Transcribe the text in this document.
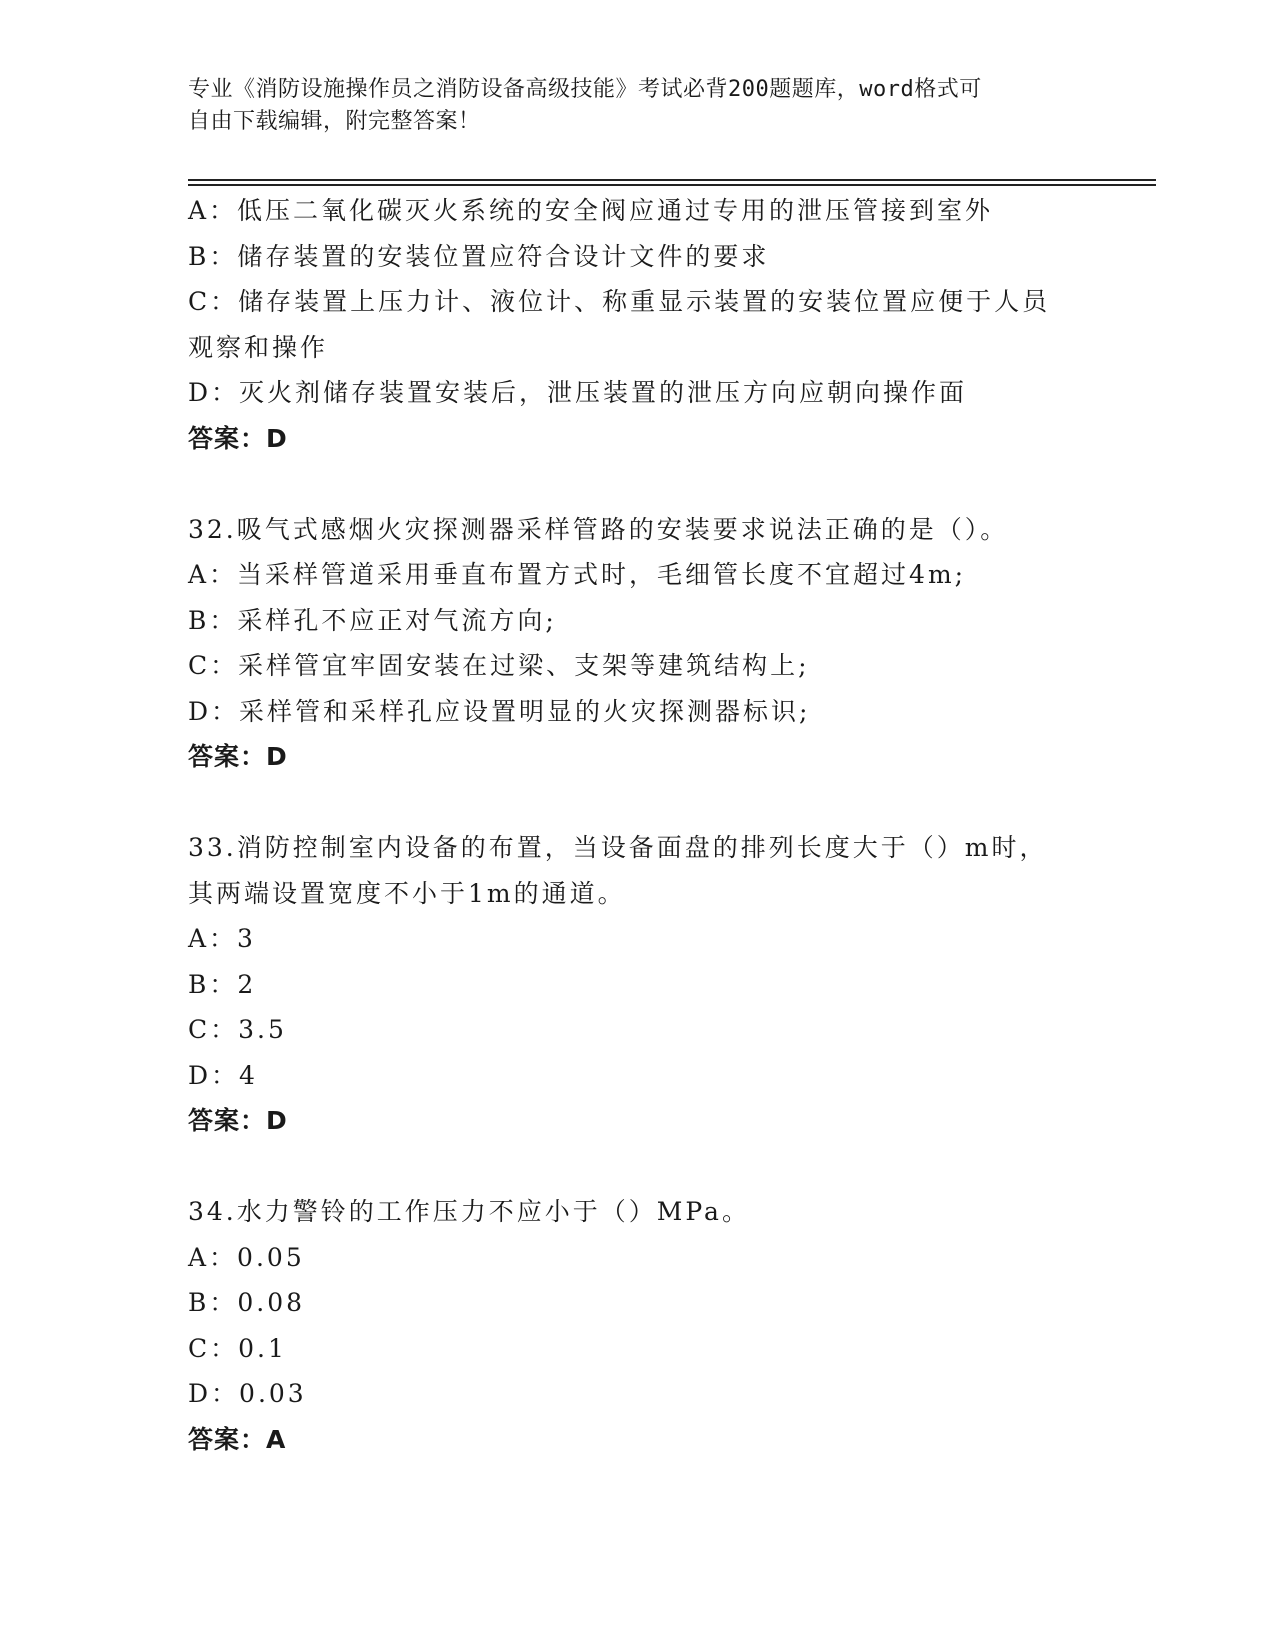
专业《消防设施操作员之消防设备高级技能》考试必背200题题库，word格式可
自由下载编辑，附完整答案！
A：低压二氧化碳灭火系统的安全阀应通过专用的泄压管接到室外
B：储存装置的安装位置应符合设计文件的要求
C：储存装置上压力计、液位计、称重显示装置的安装位置应便于人员
观察和操作
D：灭火剂储存装置安装后，泄压装置的泄压方向应朝向操作面
答案：D
32.吸气式感烟火灾探测器采样管路的安装要求说法正确的是（）。
A：当采样管道采用垂直布置方式时，毛细管长度不宜超过4m;
B：采样孔不应正对气流方向;
C：采样管宜牢固安装在过梁、支架等建筑结构上;
D：采样管和采样孔应设置明显的火灾探测器标识;
答案：D
33.消防控制室内设备的布置，当设备面盘的排列长度大于（）m时，
其两端设置宽度不小于1m的通道。
A：3
B：2
C：3.5
D：4
答案：D
34.水力警铃的工作压力不应小于（）MPa。
A：0.05
B：0.08
C：0.1
D：0.03
答案：A
